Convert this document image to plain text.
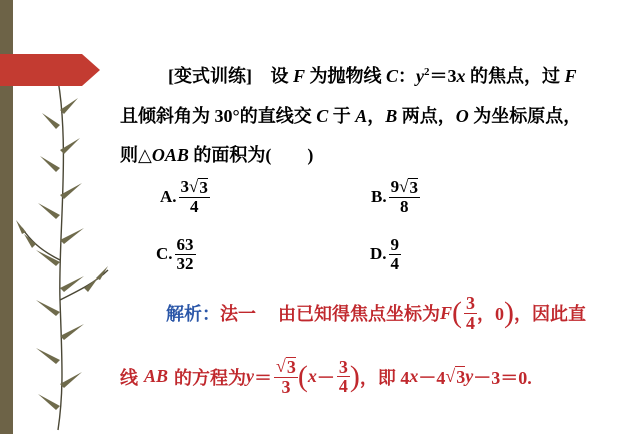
[变式训练] 设 F 为抛物线 C：$y^2=3x$ 的焦点，过 F
且倾斜角为 30°的直线交 C 于 A，B 两点，O 为坐标原点，
则△OAB 的面积为(　　)
A. $\frac{3√ 3}{4}$	B. $\frac{9√ 3}{8}$
C. $\frac{63}{32}$	D. $\frac{9}{4}$
解析： 法一 由已知得焦点坐标为 F ( $\frac{3}{4}$ ，0 ) ，因此直
线 AB 的方程为 $y = \frac{√ 3}{3}$ ( $x - \frac{3}{4}$ ) ，即 4 x －4 √ 3 y －3＝0.
